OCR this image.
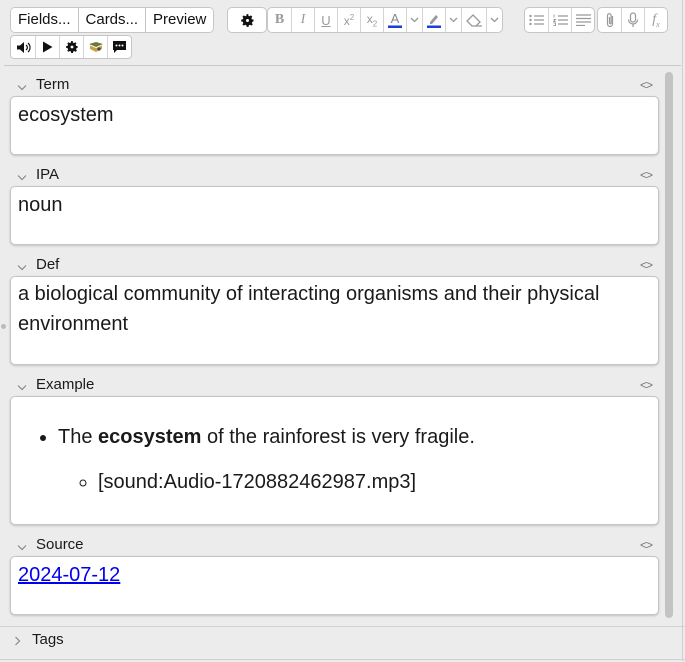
Fields...	Cards...	Preview	B I U $x^2$ $x_2$ A	$f_x$
Term	<>
ecosystem
IPA	<>
noun
Def	<>
a biological community of interacting organisms and their physical environment
Example	<>
• The ecosystem of the rainforest is very fragile.
◦ [sound:Audio-1720882462987.mp3]
Source	<>
2024-07-12
Tags
